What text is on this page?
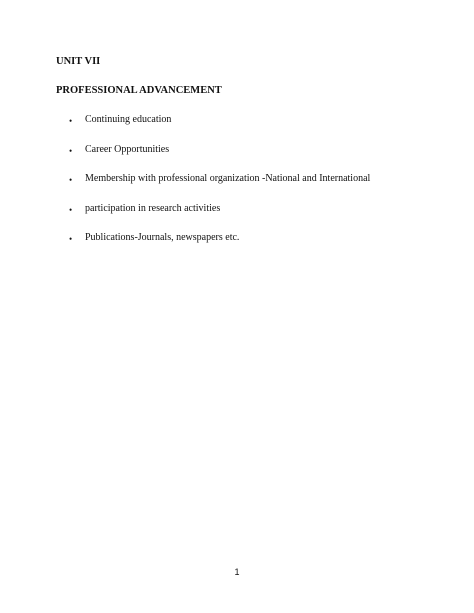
UNIT VII
PROFESSIONAL ADVANCEMENT
• Continuing education
• Career Opportunities
• Membership with professional organization -National and International
• participation in research activities
• Publications-Journals, newspapers etc.

1
